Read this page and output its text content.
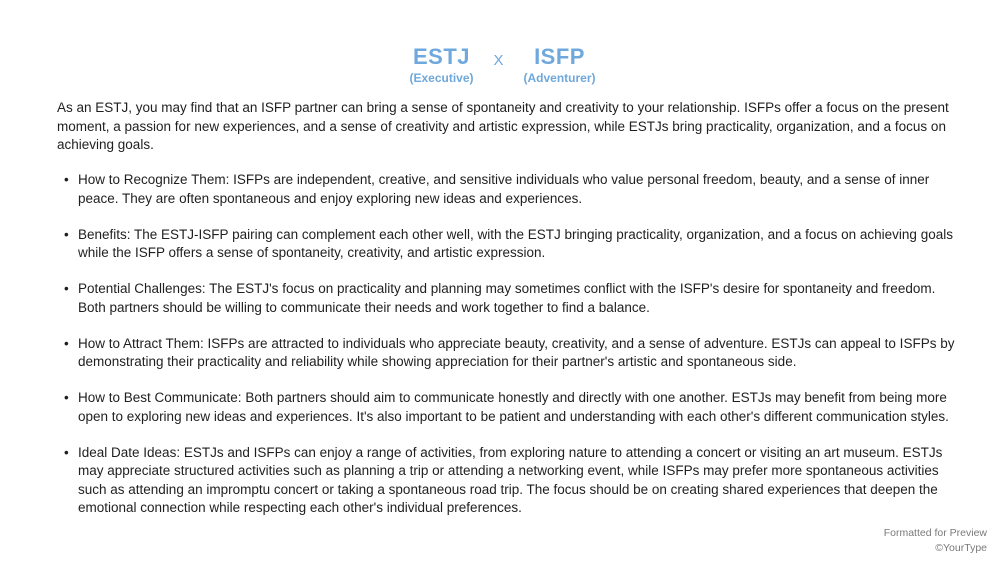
ESTJ
(Executive)
X ISFP
(Adventurer)

As an ESTJ, you may find that an ISFP partner can bring a sense of spontaneity and creativity to your relationship. ISFPs offer a focus on the present moment, a passion for new experiences, and a sense of creativity and artistic expression, while ESTJs bring practicality, organization, and a focus on achieving goals.

• How to Recognize Them: ISFPs are independent, creative, and sensitive individuals who value personal freedom, beauty, and a sense of inner peace. They are often spontaneous and enjoy exploring new ideas and experiences.
• Benefits: The ESTJ-ISFP pairing can complement each other well, with the ESTJ bringing practicality, organization, and a focus on achieving goals while the ISFP offers a sense of spontaneity, creativity, and artistic expression.
• Potential Challenges: The ESTJ's focus on practicality and planning may sometimes conflict with the ISFP's desire for spontaneity and freedom. Both partners should be willing to communicate their needs and work together to find a balance.
• How to Attract Them: ISFPs are attracted to individuals who appreciate beauty, creativity, and a sense of adventure. ESTJs can appeal to ISFPs by demonstrating their practicality and reliability while showing appreciation for their partner's artistic and spontaneous side.
• How to Best Communicate: Both partners should aim to communicate honestly and directly with one another. ESTJs may benefit from being more open to exploring new ideas and experiences. It's also important to be patient and understanding with each other's different communication styles.
• Ideal Date Ideas: ESTJs and ISFPs can enjoy a range of activities, from exploring nature to attending a concert or visiting an art museum. ESTJs may appreciate structured activities such as planning a trip or attending a networking event, while ISFPs may prefer more spontaneous activities such as attending an impromptu concert or taking a spontaneous road trip. The focus should be on creating shared experiences that deepen the emotional connection while respecting each other's individual preferences.
Formatted for Preview
©YourType
